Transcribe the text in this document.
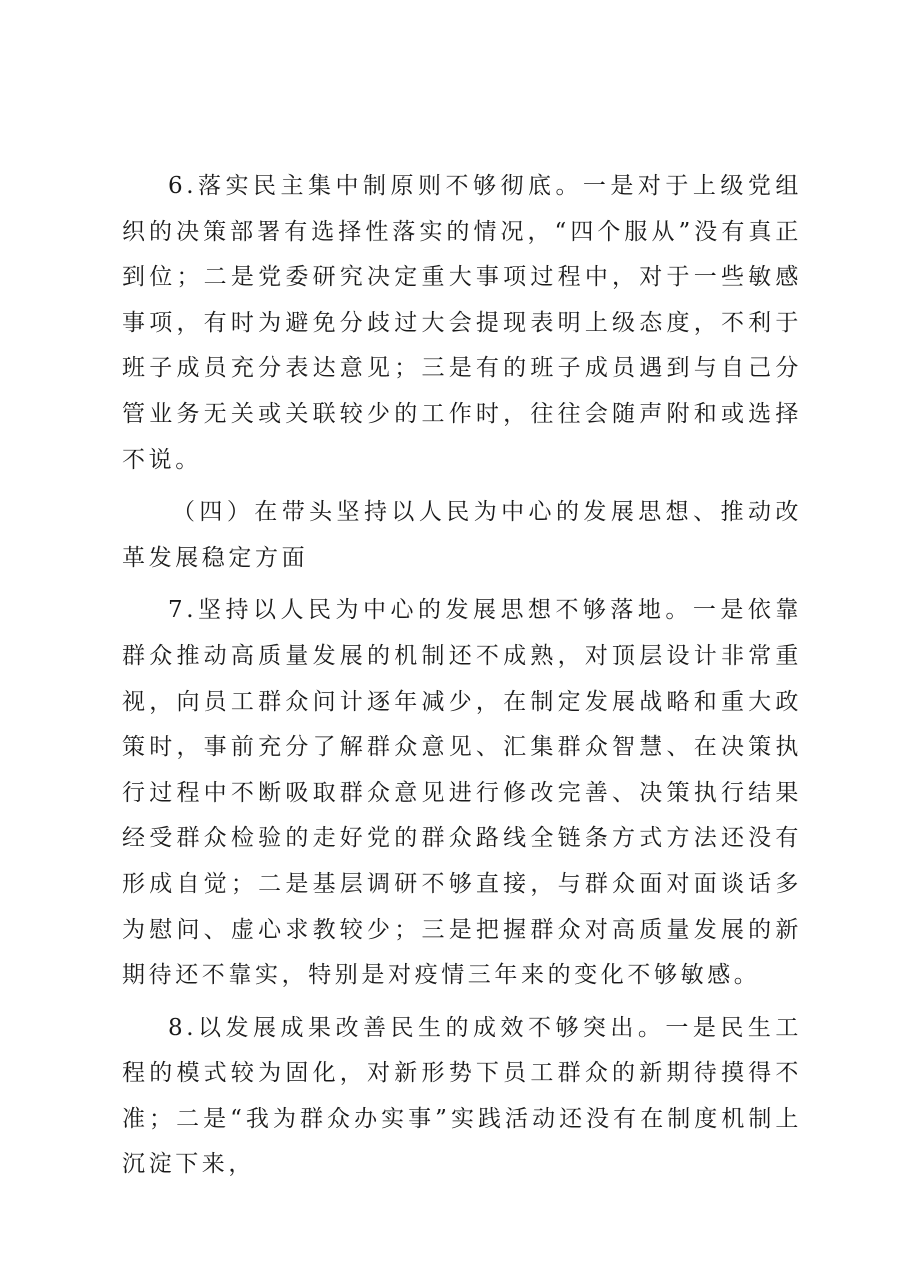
6.落实民主集中制原则不够彻底。一是对于上级党组织的决策部署有选择性落实的情况，“四个服从”没有真正到位；二是党委研究决定重大事项过程中，对于一些敏感事项，有时为避免分歧过大会提现表明上级态度，不利于班子成员充分表达意见；三是有的班子成员遇到与自己分管业务无关或关联较少的工作时，往往会随声附和或选择不说。

（四）在带头坚持以人民为中心的发展思想、推动改革发展稳定方面

7.坚持以人民为中心的发展思想不够落地。一是依靠群众推动高质量发展的机制还不成熟，对顶层设计非常重视，向员工群众问计逐年减少，在制定发展战略和重大政策时，事前充分了解群众意见、汇集群众智慧、在决策执行过程中不断吸取群众意见进行修改完善、决策执行结果经受群众检验的走好党的群众路线全链条方式方法还没有形成自觉；二是基层调研不够直接，与群众面对面谈话多为慰问、虚心求教较少；三是把握群众对高质量发展的新期待还不靠实，特别是对疫情三年来的变化不够敏感。

8.以发展成果改善民生的成效不够突出。一是民生工程的模式较为固化，对新形势下员工群众的新期待摸得不准；二是“我为群众办实事”实践活动还没有在制度机制上沉淀下来，
